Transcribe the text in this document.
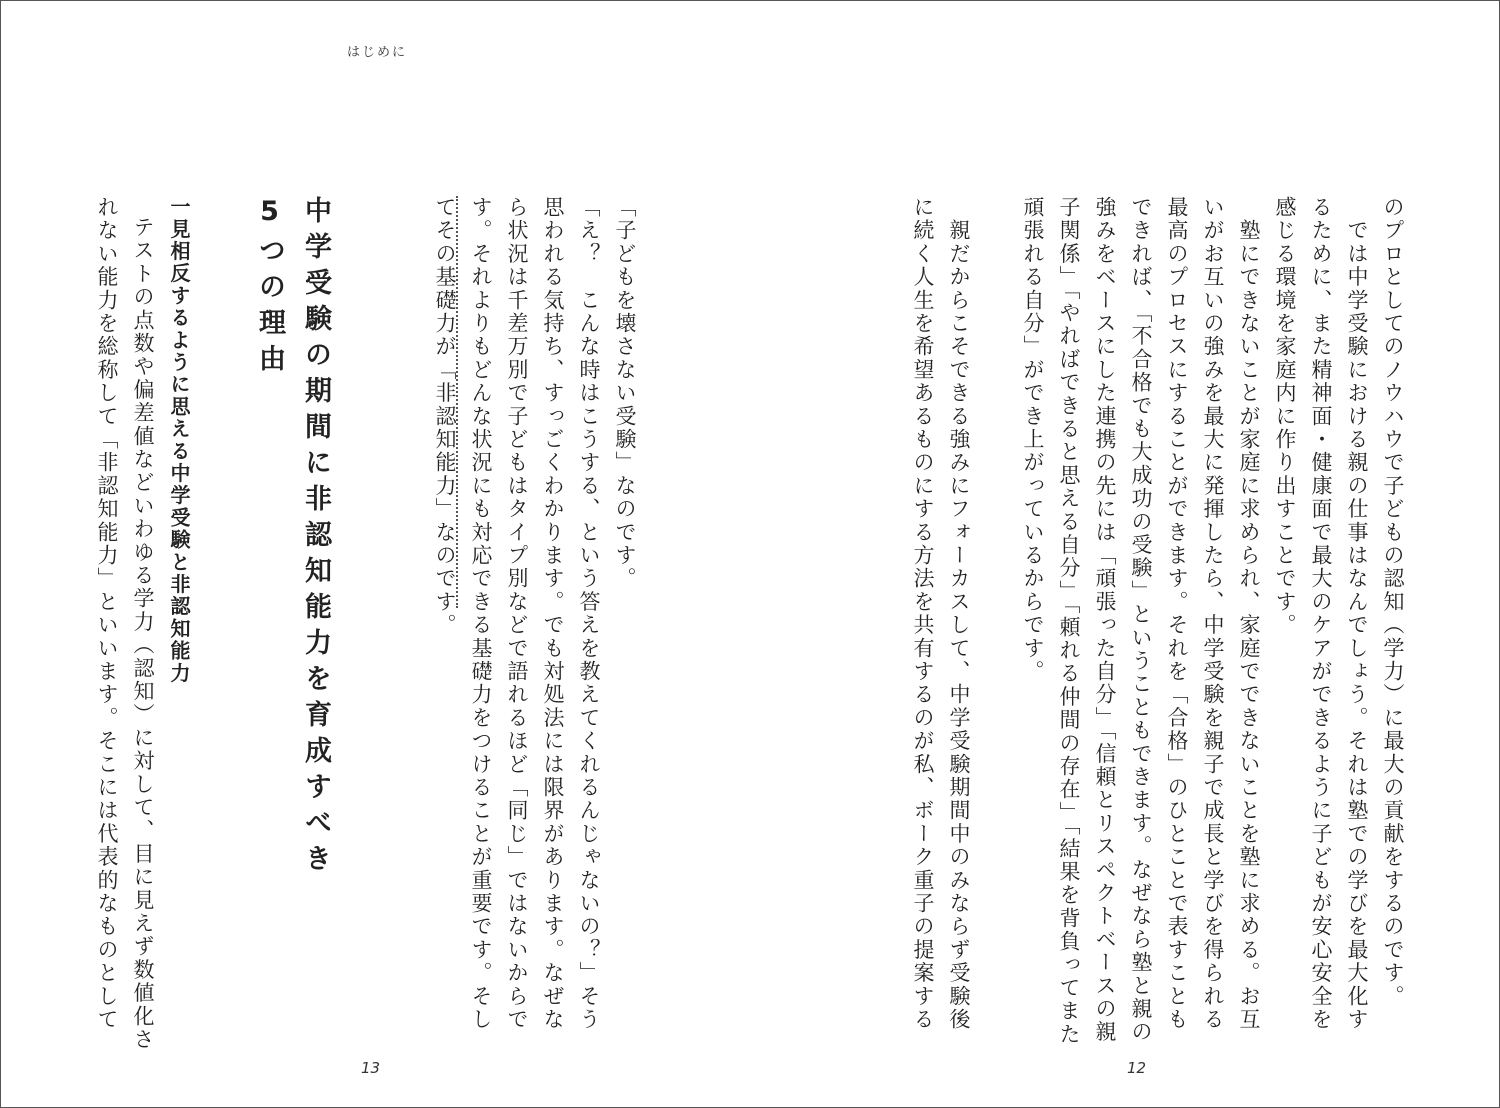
はじめに
のプロとしてのノウハウで子どもの認知（学力）に最大の貢献をするのです。
　では中学受験における親の仕事はなんでしょう。それは塾での学びを最大化す
るために、また精神面・健康面で最大のケアができるように子どもが安心安全を
感じる環境を家庭内に作り出すことです。
　塾にできないことが家庭に求められ、家庭でできないことを塾に求める。お互
いがお互いの強みを最大に発揮したら、中学受験を親子で成長と学びを得られる
最高のプロセスにすることができます。それを「合格」のひとことで表すことも
できれば、「不合格でも大成功の受験」ということもできます。なぜなら塾と親の
強みをベースにした連携の先には「頑張った自分」「信頼とリスペクトベースの親
子関係」「やればできると思える自分」「頼れる仲間の存在」「結果を背負ってまた
頑張れる自分」ができ上がっているからです。
　親だからこそできる強みにフォーカスして、中学受験期間中のみならず受験後
に続く人生を希望あるものにする方法を共有するのが私、ボーク重子の提案する
12
「子どもを壊さない受験」なのです。
「え？　こんな時はこうする、という答えを教えてくれるんじゃないの？」そう
思われる気持ち、すっごくわかります。でも対処法には限界があります。なぜな
ら状況は千差万別で子どもはタイプ別などで語れるほど「同じ」ではないからで
す。それよりもどんな状況にも対応できる基礎力をつけることが重要です。そし
てその基礎力が「非認知能力」なのです。
中学受験の期間に非認知能力を育成すべき
5つの理由
一見相反するように思える中学受験と非認知能力
テストの点数や偏差値などいわゆる学力（認知）に対して、目に見えず数値化さ
れない能力を総称して「非認知能力」といいます。そこには代表的なものとして
13
